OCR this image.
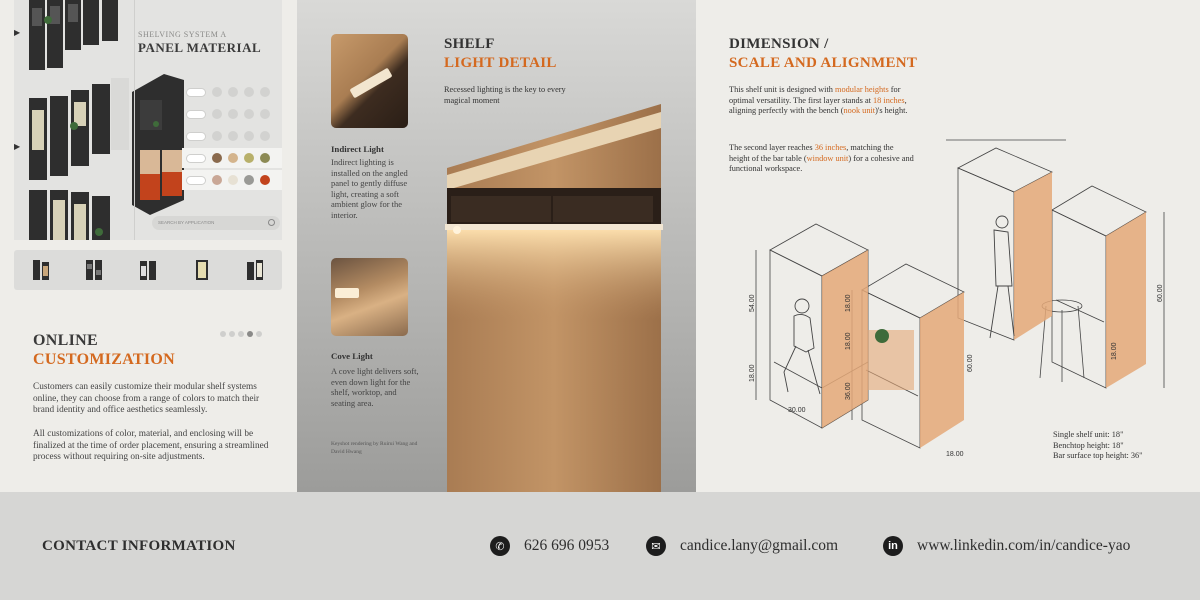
▶
▶
SHELVING SYSTEM A
PANEL MATERIAL
SEARCH BY APPLICATION
ONLINE
CUSTOMIZATION

Customers can easily customize their modular shelf systems online, they can choose from a range of colors to match their brand identity and office aesthetics seamlessly.

All customizations of color, material, and enclosing will be finalized at the time of order placement, ensuring a streamlined process without requiring on-site adjustments.

SHELF
LIGHT DETAIL

Recessed lighting is the key to every magical moment

Indirect Light

Indirect lighting is installed on the angled panel to gently diffuse light, creating a soft ambient glow for the interior.

Cove Light

A cove light delivers soft, even down light for the shelf, worktop, and seating area.

Keyshot rendering by Ruirui Wang and David Hwang

54.00
18.00
18.00
18.00
36.00
60.00
18.00
60.00
30.00
18.00
DIMENSION /
SCALE AND ALIGNMENT

This shelf unit is designed with modular heights for optimal versatility. The first layer stands at 18 inches, aligning perfectly with the bench (nook unit)'s height.

The second layer reaches 36 inches, matching the height of the bar table (window unit) for a cohesive and functional workspace.

Single shelf unit: 18"
Benchtop height: 18"
Bar surface top height: 36"
CONTACT INFORMATION	✆	626 696 0953	✉	candice.lany@gmail.com	in	www.linkedin.com/in/candice-yao
